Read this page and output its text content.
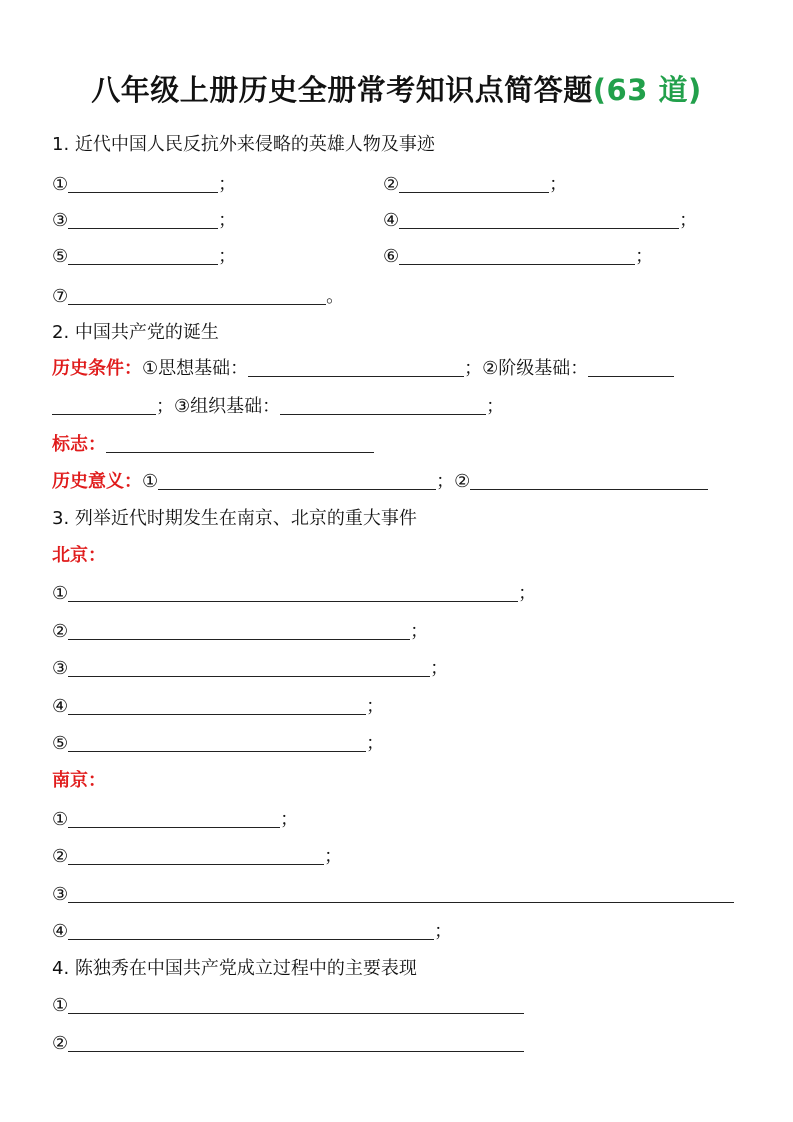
八年级上册历史全册常考知识点简答题(63 道)
1. 近代中国人民反抗外来侵略的英雄人物及事迹
①	；	②	；
③	；	④	；
⑤	；	⑥	；
⑦	。
2. 中国共产党的诞生
历史条件：①思想基础：	；②阶级基础：
；③组织基础：	；
标志：
历史意义：①	；②
3. 列举近代时期发生在南京、北京的重大事件
北京：
①	；
②	；
③	；
④	；
⑤	；
南京：
①	；
②	；
③
④	；
4. 陈独秀在中国共产党成立过程中的主要表现
①
②
